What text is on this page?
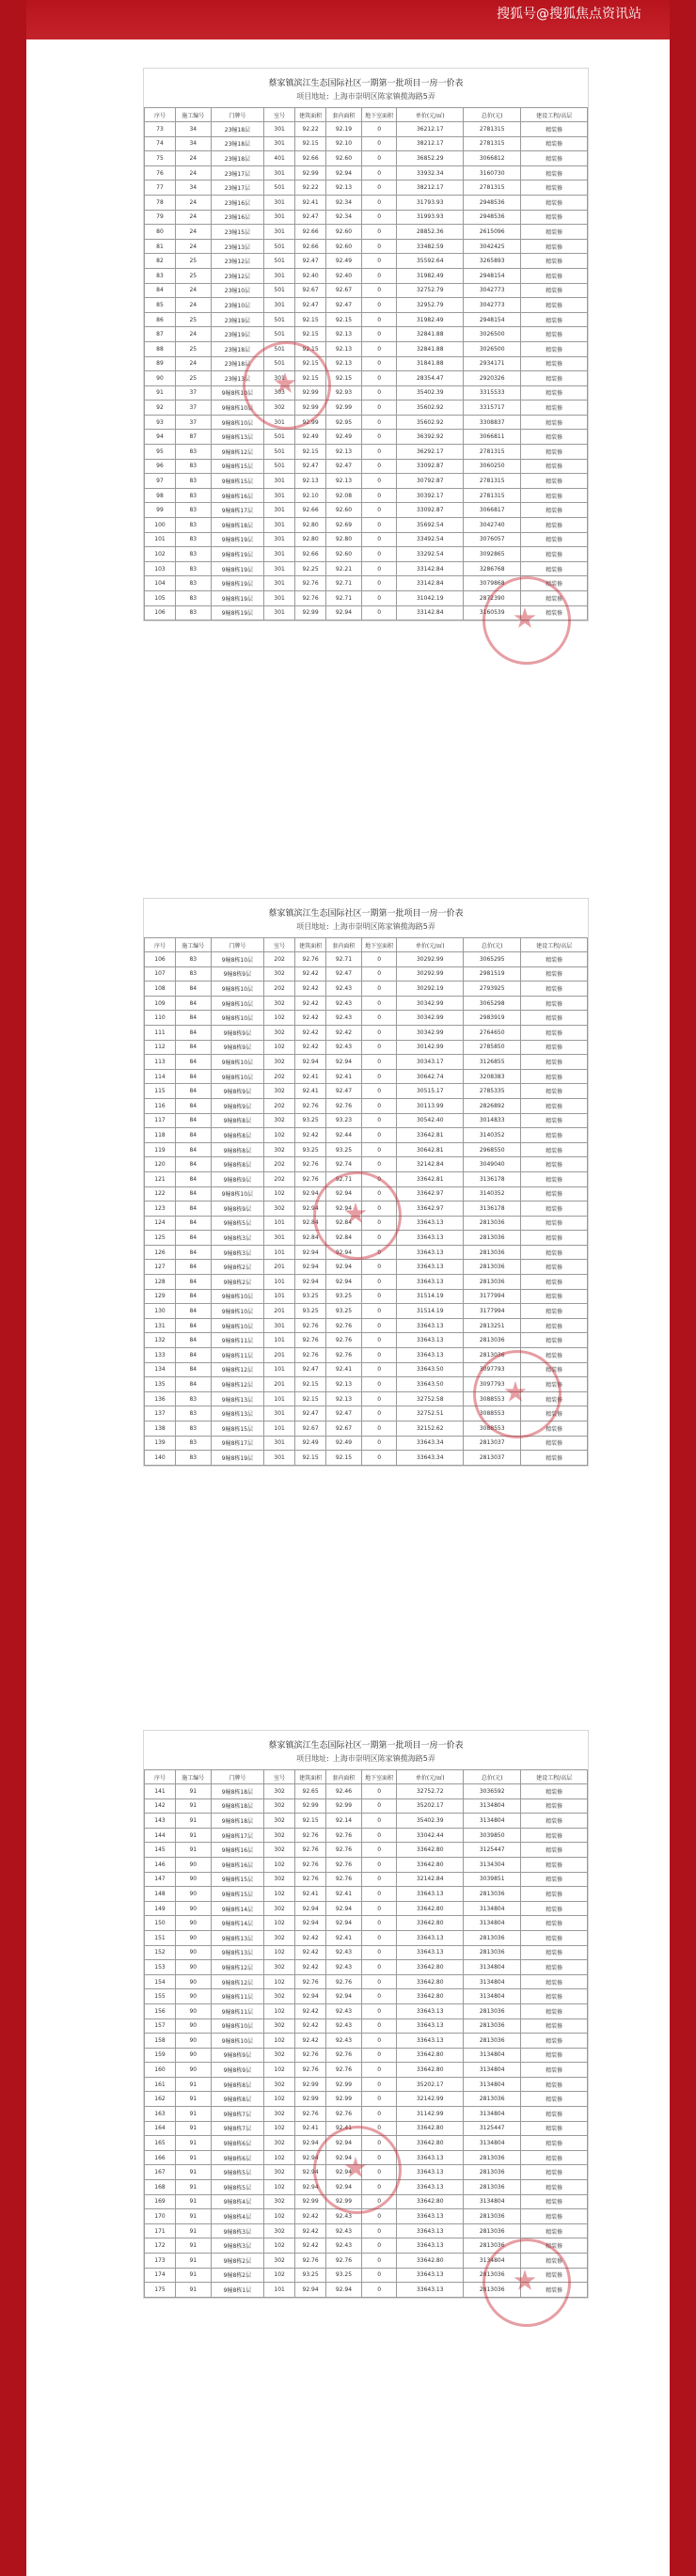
搜狐号@搜狐焦点资讯站
蔡家镇滨江生态国际社区一期第一批项目一房一价表
项目地址: 上海市崇明区陈家镇揽海路5弄
序号	施工编号	门牌号	室号	建筑面积	套内面积	地下室面积	单价(元/㎡)	总价(元)	建设工程/高层
73	34	23幢18层	301	92.22	92.19	0	36212.17	2781315	精装修
74	34	23幢18层	301	92.15	92.10	0	38212.17	2781315	精装修
75	24	23幢18层	401	92.66	92.60	0	36852.29	3066812	精装修
76	24	23幢17层	301	92.99	92.94	0	33932.34	3160730	精装修
77	34	23幢17层	501	92.22	92.13	0	38212.17	2781315	精装修
78	24	23幢16层	301	92.41	92.34	0	31793.93	2948536	精装修
79	24	23幢16层	301	92.47	92.34	0	31993.93	2948536	精装修
80	24	23幢15层	301	92.66	92.60	0	28852.36	2615096	精装修
81	24	23幢13层	501	92.66	92.60	0	33482.59	3042425	精装修
82	25	23幢12层	501	92.47	92.49	0	35592.64	3265893	精装修
83	25	23幢12层	301	92.40	92.40	0	31982.49	2948154	精装修
84	24	23幢10层	501	92.67	92.67	0	32752.79	3042773	精装修
85	24	23幢10层	301	92.47	92.47	0	32952.79	3042773	精装修
86	25	23幢19层	501	92.15	92.15	0	31982.49	2948154	精装修
87	24	23幢19层	501	92.15	92.13	0	32841.88	3026500	精装修
88	25	23幢18层	501	92.15	92.13	0	32841.88	3026500	精装修
89	24	23幢18层	501	92.15	92.13	0	31841.88	2934171	精装修
90	25	23幢13层	301	92.15	92.15	0	28354.47	2920326	精装修
91	37	9幢8栋10层	303	92.99	92.93	0	35402.39	3315533	精装修
92	37	9幢8栋10层	302	92.99	92.99	0	35602.92	3315717	精装修
93	37	9幢8栋10层	301	92.99	92.95	0	35602.92	3308837	精装修
94	87	9幢8栋13层	501	92.49	92.49	0	36392.92	3066811	精装修
95	83	9幢8栋12层	501	92.15	92.13	0	36292.17	2781315	精装修
96	83	9幢8栋15层	501	92.47	92.47	0	33092.87	3060250	精装修
97	83	9幢8栋15层	301	92.13	92.13	0	30792.87	2781315	精装修
98	83	9幢8栋16层	301	92.10	92.08	0	30392.17	2781315	精装修
99	83	9幢8栋17层	301	92.66	92.60	0	33092.87	3066817	精装修
100	83	9幢8栋18层	301	92.80	92.69	0	35692.54	3042740	精装修
101	83	9幢8栋19层	301	92.80	92.80	0	33492.54	3076057	精装修
102	83	9幢8栋19层	301	92.66	92.60	0	33292.54	3092865	精装修
103	83	9幢8栋19层	301	92.25	92.21	0	33142.84	3286768	精装修
104	83	9幢8栋19层	301	92.76	92.71	0	33142.84	3079868	精装修
105	83	9幢8栋19层	301	92.76	92.71	0	31042.19	2872390	精装修
106	83	9幢8栋19层	301	92.99	92.94	0	33142.84	3160539	精装修
蔡家镇滨江生态国际社区一期第一批项目一房一价表
项目地址: 上海市崇明区陈家镇揽海路5弄
序号	施工编号	门牌号	室号	建筑面积	套内面积	地下室面积	单价(元/㎡)	总价(元)	建设工程/高层
106	83	9幢8栋10层	202	92.76	92.71	0	30292.99	3065295	精装修
107	83	9幢8栋9层	302	92.42	92.47	0	30292.99	2981519	精装修
108	84	9幢8栋10层	202	92.42	92.43	0	30292.19	2793925	精装修
109	84	9幢8栋10层	302	92.42	92.43	0	30342.99	3065298	精装修
110	84	9幢8栋10层	102	92.42	92.43	0	30342.99	2983919	精装修
111	84	9幢8栋9层	302	92.42	92.42	0	30342.99	2764650	精装修
112	84	9幢8栋9层	102	92.42	92.43	0	30142.99	2785850	精装修
113	84	9幢8栋10层	302	92.94	92.94	0	30343.17	3126855	精装修
114	84	9幢8栋10层	202	92.41	92.41	0	30642.74	3208383	精装修
115	84	9幢8栋9层	302	92.41	92.47	0	30515.17	2785335	精装修
116	84	9幢8栋9层	202	92.76	92.76	0	30113.99	2826892	精装修
117	84	9幢8栋8层	302	93.25	93.23	0	30542.40	3014833	精装修
118	84	9幢8栋8层	102	92.42	92.44	0	33642.81	3140352	精装修
119	84	9幢8栋8层	302	93.25	93.25	0	30642.81	2968550	精装修
120	84	9幢8栋8层	202	92.76	92.74	0	32142.84	3049040	精装修
121	84	9幢8栋9层	202	92.76	92.71	0	33642.81	3136178	精装修
122	84	9幢8栋10层	102	92.94	92.94	0	33642.97	3140352	精装修
123	84	9幢8栋9层	302	92.94	92.94	0	33642.97	3136178	精装修
124	84	9幢8栋5层	101	92.84	92.84	0	33643.13	2813036	精装修
125	84	9幢8栋3层	301	92.84	92.84	0	33643.13	2813036	精装修
126	84	9幢8栋3层	101	92.94	92.94	0	33643.13	2813036	精装修
127	84	9幢8栋2层	201	92.94	92.94	0	33643.13	2813036	精装修
128	84	9幢8栋2层	101	92.94	92.94	0	33643.13	2813036	精装修
129	84	9幢8栋10层	101	93.25	93.25	0	31514.19	3177994	精装修
130	84	9幢8栋10层	201	93.25	93.25	0	31514.19	3177994	精装修
131	84	9幢8栋10层	301	92.76	92.76	0	33643.13	2813251	精装修
132	84	9幢8栋11层	101	92.76	92.76	0	33643.13	2813036	精装修
133	84	9幢8栋11层	201	92.76	92.76	0	33643.13	2813036	精装修
134	84	9幢8栋12层	101	92.47	92.41	0	33643.50	3097793	精装修
135	84	9幢8栋12层	201	92.15	92.13	0	33643.50	3097793	精装修
136	83	9幢8栋13层	101	92.15	92.13	0	32752.58	3088553	精装修
137	83	9幢8栋13层	301	92.47	92.47	0	32752.51	3088553	精装修
138	83	9幢8栋15层	101	92.67	92.67	0	32152.62	3088553	精装修
139	83	9幢8栋17层	301	92.49	92.49	0	33643.34	2813037	精装修
140	83	9幢8栋19层	301	92.15	92.15	0	33643.34	2813037	精装修
蔡家镇滨江生态国际社区一期第一批项目一房一价表
项目地址: 上海市崇明区陈家镇揽海路5弄
序号	施工编号	门牌号	室号	建筑面积	套内面积	地下室面积	单价(元/㎡)	总价(元)	建设工程/高层
141	91	9幢8栋18层	302	92.65	92.46	0	32752.72	3036592	精装修
142	91	9幢8栋18层	302	92.99	92.99	0	35202.17	3134804	精装修
143	91	9幢8栋18层	302	92.15	92.14	0	35402.39	3134804	精装修
144	91	9幢8栋17层	302	92.76	92.76	0	33042.44	3039850	精装修
145	91	9幢8栋16层	302	92.76	92.76	0	33642.80	3125447	精装修
146	90	9幢8栋16层	102	92.76	92.76	0	33642.80	3134304	精装修
147	90	9幢8栋15层	302	92.76	92.76	0	32142.84	3039851	精装修
148	90	9幢8栋15层	102	92.41	92.41	0	33643.13	2813036	精装修
149	90	9幢8栋14层	302	92.94	92.94	0	33642.80	3134804	精装修
150	90	9幢8栋14层	102	92.94	92.94	0	33642.80	3134804	精装修
151	90	9幢8栋13层	302	92.42	92.41	0	33643.13	2813036	精装修
152	90	9幢8栋13层	102	92.42	92.43	0	33643.13	2813036	精装修
153	90	9幢8栋12层	302	92.42	92.43	0	33642.80	3134804	精装修
154	90	9幢8栋12层	102	92.76	92.76	0	33642.80	3134804	精装修
155	90	9幢8栋11层	302	92.94	92.94	0	33642.80	3134804	精装修
156	90	9幢8栋11层	102	92.42	92.43	0	33643.13	2813036	精装修
157	90	9幢8栋10层	302	92.42	92.43	0	33643.13	2813036	精装修
158	90	9幢8栋10层	102	92.42	92.43	0	33643.13	2813036	精装修
159	90	9幢8栋9层	302	92.76	92.76	0	33642.80	3134804	精装修
160	90	9幢8栋9层	102	92.76	92.76	0	33642.80	3134804	精装修
161	91	9幢8栋8层	302	92.99	92.99	0	35202.17	3134804	精装修
162	91	9幢8栋8层	102	92.99	92.99	0	32142.99	2813036	精装修
163	91	9幢8栋7层	302	92.76	92.76	0	31142.99	3134804	精装修
164	91	9幢8栋7层	102	92.41	92.41	0	33642.80	3125447	精装修
165	91	9幢8栋6层	302	92.94	92.94	0	33642.80	3134804	精装修
166	91	9幢8栋6层	102	92.94	92.94	0	33643.13	2813036	精装修
167	91	9幢8栋5层	302	92.94	92.94	0	33643.13	2813036	精装修
168	91	9幢8栋5层	102	92.94	92.94	0	33643.13	2813036	精装修
169	91	9幢8栋4层	302	92.99	92.99	0	33642.80	3134804	精装修
170	91	9幢8栋4层	102	92.42	92.43	0	33643.13	2813036	精装修
171	91	9幢8栋3层	302	92.42	92.43	0	33643.13	2813036	精装修
172	91	9幢8栋3层	102	92.42	92.43	0	33643.13	2813036	精装修
173	91	9幢8栋2层	302	92.76	92.76	0	33642.80	3134804	精装修
174	91	9幢8栋2层	102	93.25	93.25	0	33643.13	2813036	精装修
175	91	9幢8栋1层	101	92.94	92.94	0	33643.13	2813036	精装修
